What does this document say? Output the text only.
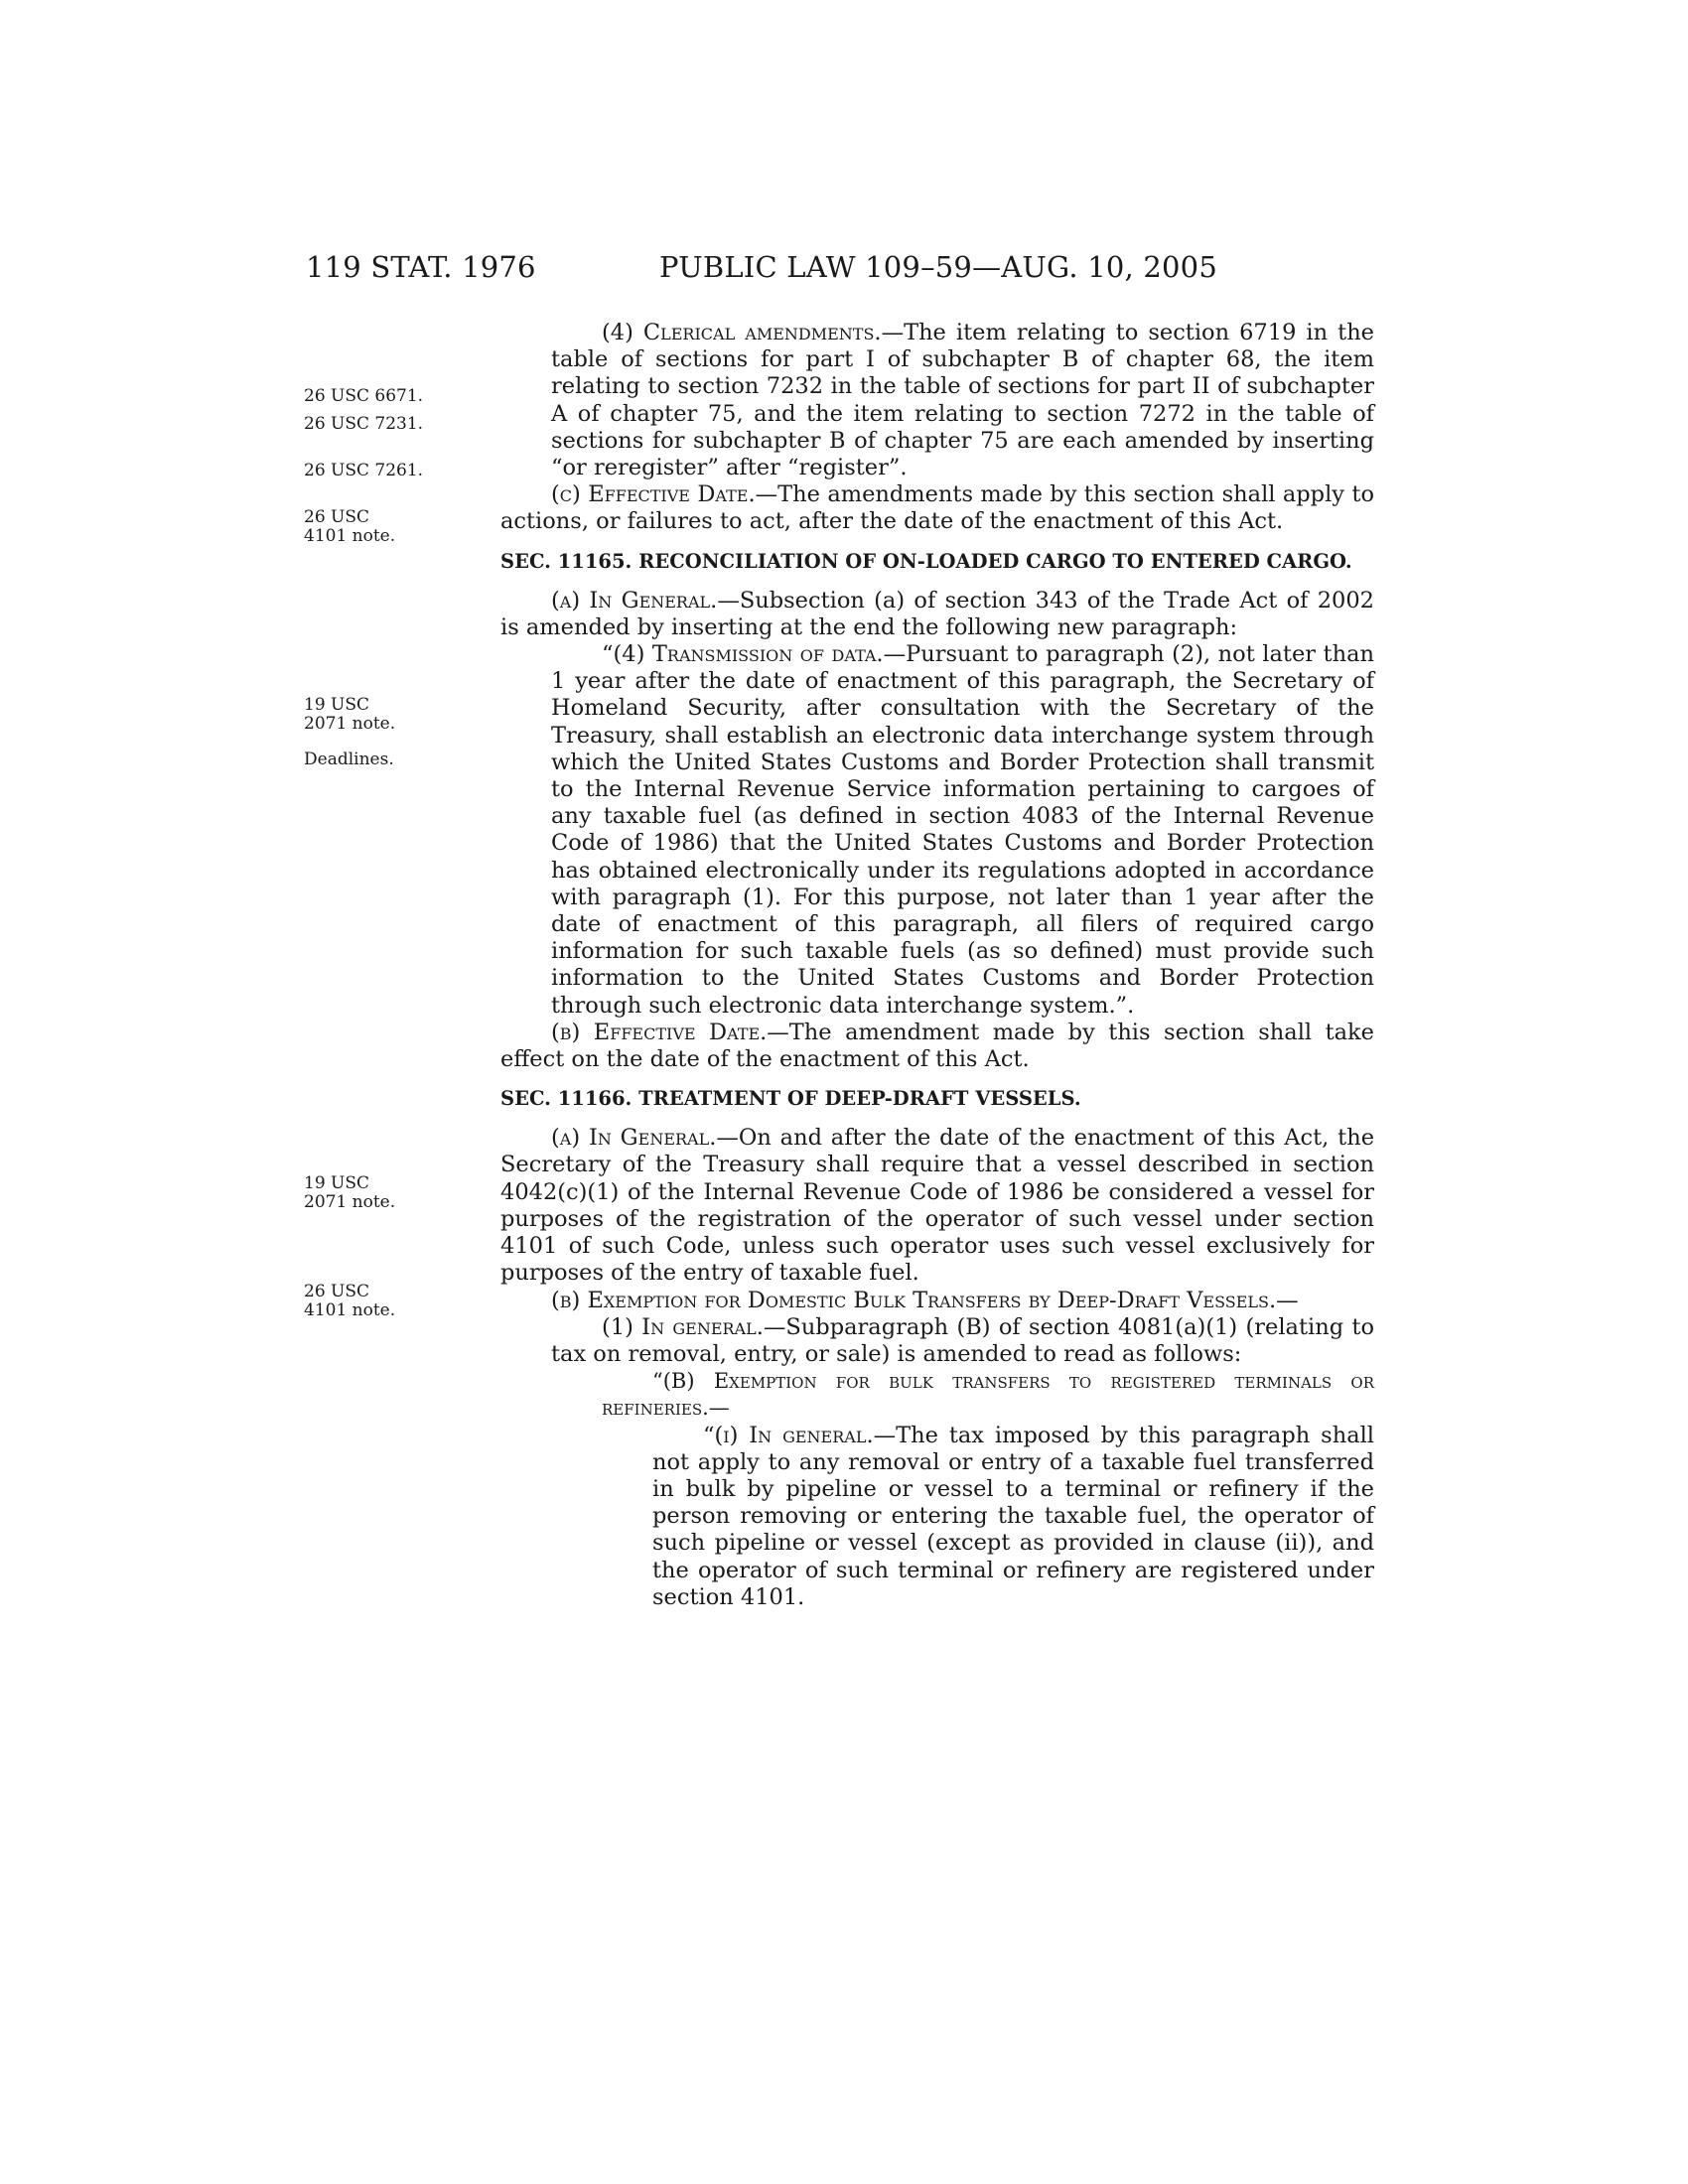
119 STAT. 1976	PUBLIC LAW 109–59—AUG. 10, 2005
26 USC 6671.
26 USC 7231.
26 USC 7261.
26 USC 4101 note.
19 USC 2071 note.
Deadlines.
19 USC 2071 note.
26 USC 4101 note.

(4) Clerical amendments.—The item relating to section 6719 in the table of sections for part I of subchapter B of chapter 68, the item relating to section 7232 in the table of sections for part II of subchapter A of chapter 75, and the item relating to section 7272 in the table of sections for subchapter B of chapter 75 are each amended by inserting “or reregister” after “register”.

(c) Effective Date.—The amendments made by this section shall apply to actions, or failures to act, after the date of the enactment of this Act.

SEC. 11165. RECONCILIATION OF ON-LOADED CARGO TO ENTERED CARGO.

(a) In General.—Subsection (a) of section 343 of the Trade Act of 2002 is amended by inserting at the end the following new paragraph:

“(4) Transmission of data.—Pursuant to paragraph (2), not later than 1 year after the date of enactment of this paragraph, the Secretary of Homeland Security, after consultation with the Secretary of the Treasury, shall establish an electronic data interchange system through which the United States Customs and Border Protection shall transmit to the Internal Revenue Service information pertaining to cargoes of any taxable fuel (as defined in section 4083 of the Internal Revenue Code of 1986) that the United States Customs and Border Protection has obtained electronically under its regulations adopted in accordance with paragraph (1). For this purpose, not later than 1 year after the date of enactment of this paragraph, all filers of required cargo information for such taxable fuels (as so defined) must provide such information to the United States Customs and Border Protection through such electronic data interchange system.”.

(b) Effective Date.—The amendment made by this section shall take effect on the date of the enactment of this Act.

SEC. 11166. TREATMENT OF DEEP-DRAFT VESSELS.

(a) In General.—On and after the date of the enactment of this Act, the Secretary of the Treasury shall require that a vessel described in section 4042(c)(1) of the Internal Revenue Code of 1986 be considered a vessel for purposes of the registration of the operator of such vessel under section 4101 of such Code, unless such operator uses such vessel exclusively for purposes of the entry of taxable fuel.

(b) Exemption for Domestic Bulk Transfers by Deep-Draft Vessels.—

(1) In general.—Subparagraph (B) of section 4081(a)(1) (relating to tax on removal, entry, or sale) is amended to read as follows:

“(B) Exemption for bulk transfers to registered terminals or refineries.—

“(i) In general.—The tax imposed by this paragraph shall not apply to any removal or entry of a taxable fuel transferred in bulk by pipeline or vessel to a terminal or refinery if the person removing or entering the taxable fuel, the operator of such pipeline or vessel (except as provided in clause (ii)), and the operator of such terminal or refinery are registered under section 4101.
